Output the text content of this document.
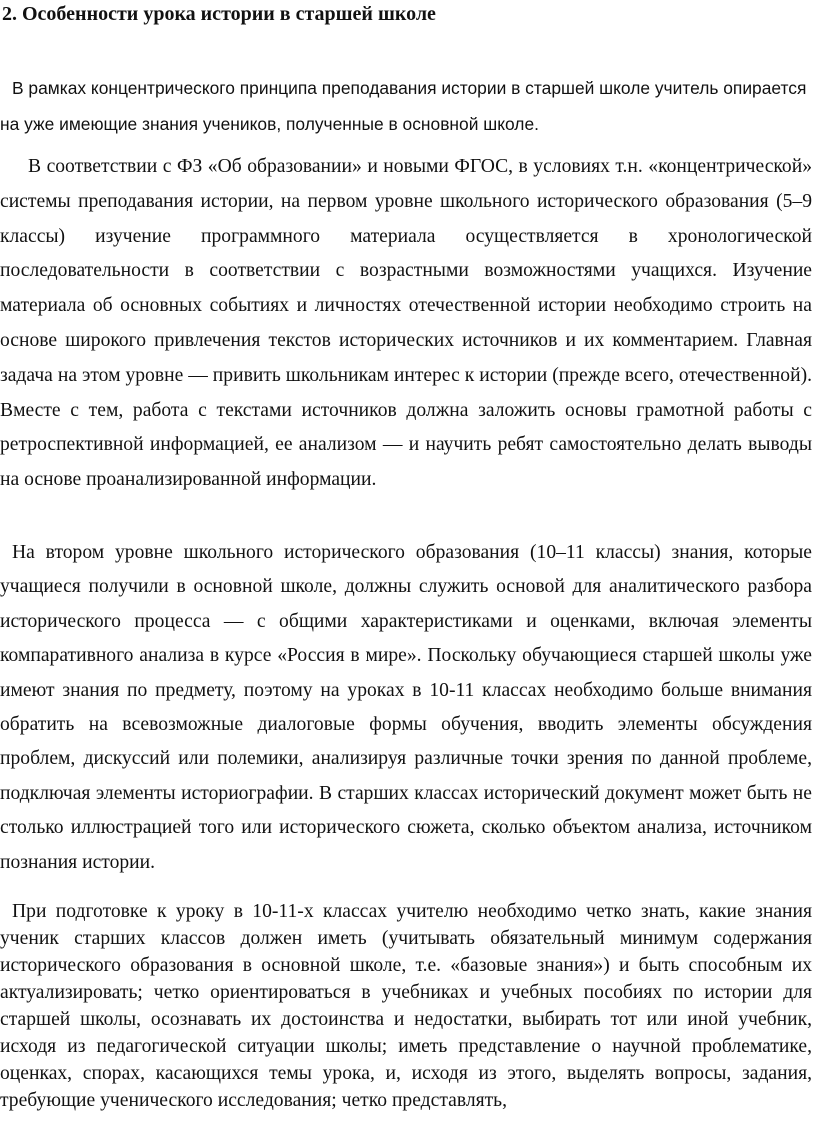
2. Особенности урока истории в старшей школе

В рамках концентрического принципа преподавания истории в старшей школе учитель опирается на уже имеющие знания учеников, полученные в основной школе.

В соответствии с ФЗ «Об образовании» и новыми ФГОС, в условиях т.н. «концентрической» системы преподавания истории, на первом уровне школьного исторического образования (5–9 классы) изучение программного материала осуществляется в хронологической последовательности в соответствии с возрастными возможностями учащихся. Изучение материала об основных событиях и личностях отечественной истории необходимо строить на основе широкого привлечения текстов исторических источников и их комментарием. Главная задача на этом уровне — привить школьникам интерес к истории (прежде всего, отечественной). Вместе с тем, работа с текстами источников должна заложить основы грамотной работы с ретроспективной информацией, ее анализом — и научить ребят самостоятельно делать выводы на основе проанализированной информации.

На втором уровне школьного исторического образования (10–11 классы) знания, которые учащиеся получили в основной школе, должны служить основой для аналитического разбора исторического процесса — с общими характеристиками и оценками, включая элементы компаративного анализа в курсе «Россия в мире». Поскольку обучающиеся старшей школы уже имеют знания по предмету, поэтому на уроках в 10-11 классах необходимо больше внимания обратить на всевозможные диалоговые формы обучения, вводить элементы обсуждения проблем, дискуссий или полемики, анализируя различные точки зрения по данной проблеме, подключая элементы историографии. В старших классах исторический документ может быть не столько иллюстрацией того или исторического сюжета, сколько объектом анализа, источником познания истории.

При подготовке к уроку в 10-11-х классах учителю необходимо четко знать, какие знания ученик старших классов должен иметь (учитывать обязательный минимум содержания исторического образования в основной школе, т.е. «базовые знания») и быть способным их актуализировать; четко ориентироваться в учебниках и учебных пособиях по истории для старшей школы, осознавать их достоинства и недостатки, выбирать тот или иной учебник, исходя из педагогической ситуации школы; иметь представление о научной проблематике, оценках, спорах, касающихся темы урока, и, исходя из этого, выделять вопросы, задания, требующие ученического исследования; четко представлять,
